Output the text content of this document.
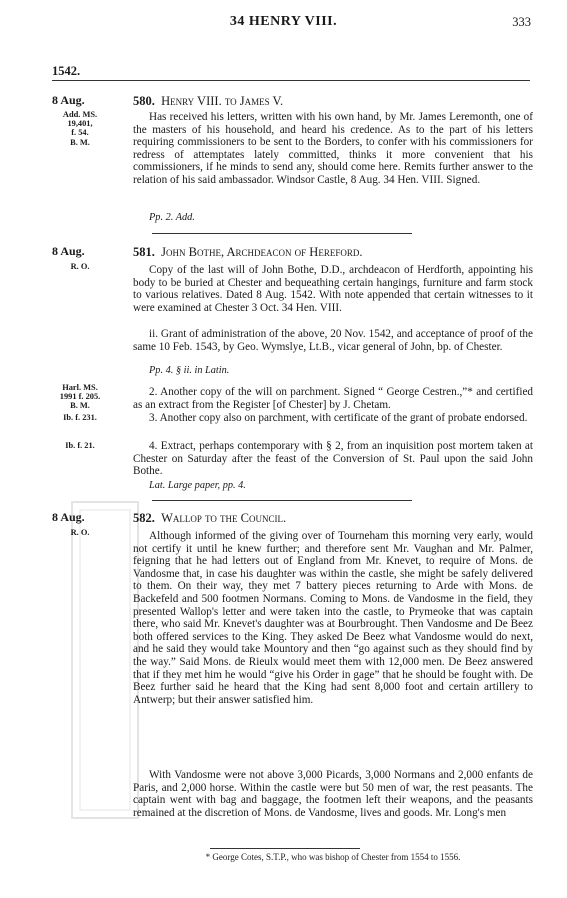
34 HENRY VIII.	333
1542.
8 Aug.
Add. MS.
19,401,
f. 54.
B. M.
580. Henry VIII. to James V.
Has received his letters, written with his own hand, by Mr. James Leremonth, one of the masters of his household, and heard his credence. As to the part of his letters requiring commissioners to be sent to the Borders, to confer with his commissioners for redress of attemptates lately committed, thinks it more convenient that his commissioners, if he minds to send any, should come here. Remits further answer to the relation of his said ambassador. Windsor Castle, 8 Aug. 34 Hen. VIII. Signed.
Pp. 2. Add.
8 Aug.
R. O.
581. John Bothe, Archdeacon of Hereford.
Copy of the last will of John Bothe, D.D., archdeacon of Herdforth, appointing his body to be buried at Chester and bequeathing certain hangings, furniture and farm stock to various relatives. Dated 8 Aug. 1542. With note appended that certain witnesses to it were examined at Chester 3 Oct. 34 Hen. VIII.
ii. Grant of administration of the above, 20 Nov. 1542, and acceptance of proof of the same 10 Feb. 1543, by Geo. Wymslye, Lt.B., vicar general of John, bp. of Chester.
Pp. 4. § ii. in Latin.
Harl. MS.
1991 f. 205.
B. M.
2. Another copy of the will on parchment. Signed “ George Cestren.,”* and certified as an extract from the Register [of Chester] by J. Chetam.
Ib. f. 231.	3. Another copy also on parchment, with certificate of the grant of probate endorsed.
Ib. f. 21.	4. Extract, perhaps contemporary with § 2, from an inquisition post mortem taken at Chester on Saturday after the feast of the Conversion of St. Paul upon the said John Bothe.
Lat. Large paper, pp. 4.
8 Aug.
R. O.
582. Wallop to the Council.
Although informed of the giving over of Tourneham this morning very early, would not certify it until he knew further; and therefore sent Mr. Vaughan and Mr. Palmer, feigning that he had letters out of England from Mr. Knevet, to require of Mons. de Vandosme that, in case his daughter was within the castle, she might be safely delivered to them. On their way, they met 7 battery pieces returning to Arde with Mons. de Backefeld and 500 footmen Normans. Coming to Mons. de Vandosme in the field, they presented Wallop's letter and were taken into the castle, to Prymeoke that was captain there, who said Mr. Knevet's daughter was at Bourbrought. Then Vandosme and De Beez both offered services to the King. They asked De Beez what Vandosme would do next, and he said they would take Mountory and then “go against such as they should find by the way.” Said Mons. de Rieulx would meet them with 12,000 men. De Beez answered that if they met him he would “give his Order in gage” that he should be fought with. De Beez further said he heard that the King had sent 8,000 foot and certain artillery to Antwerp; but their answer satisfied him.
With Vandosme were not above 3,000 Picards, 3,000 Normans and 2,000 enfants de Paris, and 2,000 horse. Within the castle were but 50 men of war, the rest peasants. The captain went with bag and baggage, the footmen left their weapons, and the peasants remained at the discretion of Mons. de Vandosme, lives and goods. Mr. Long's men
* George Cotes, S.T.P., who was bishop of Chester from 1554 to 1556.
